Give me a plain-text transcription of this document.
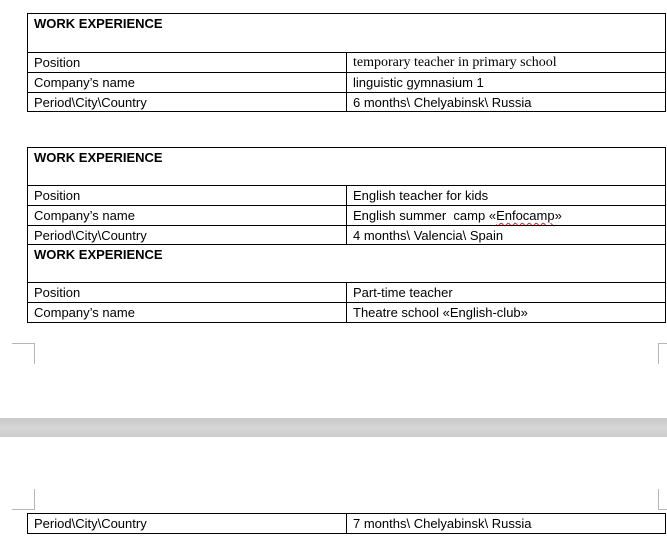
WORK EXPERIENCE
Position	temporary teacher in primary school
Company’s name	linguistic gymnasium 1
Period\City\Country	6 months\ Chelyabinsk\ Russia
WORK EXPERIENCE
Position	English teacher for kids
Company’s name	English summer  camp « Enfocamp »
Period\City\Country	4 months\ Valencia\ Spain
WORK EXPERIENCE
Position	Part-time teacher
Company’s name	Theatre school «English-club»
Period\City\Country	7 months\ Chelyabinsk\ Russia
